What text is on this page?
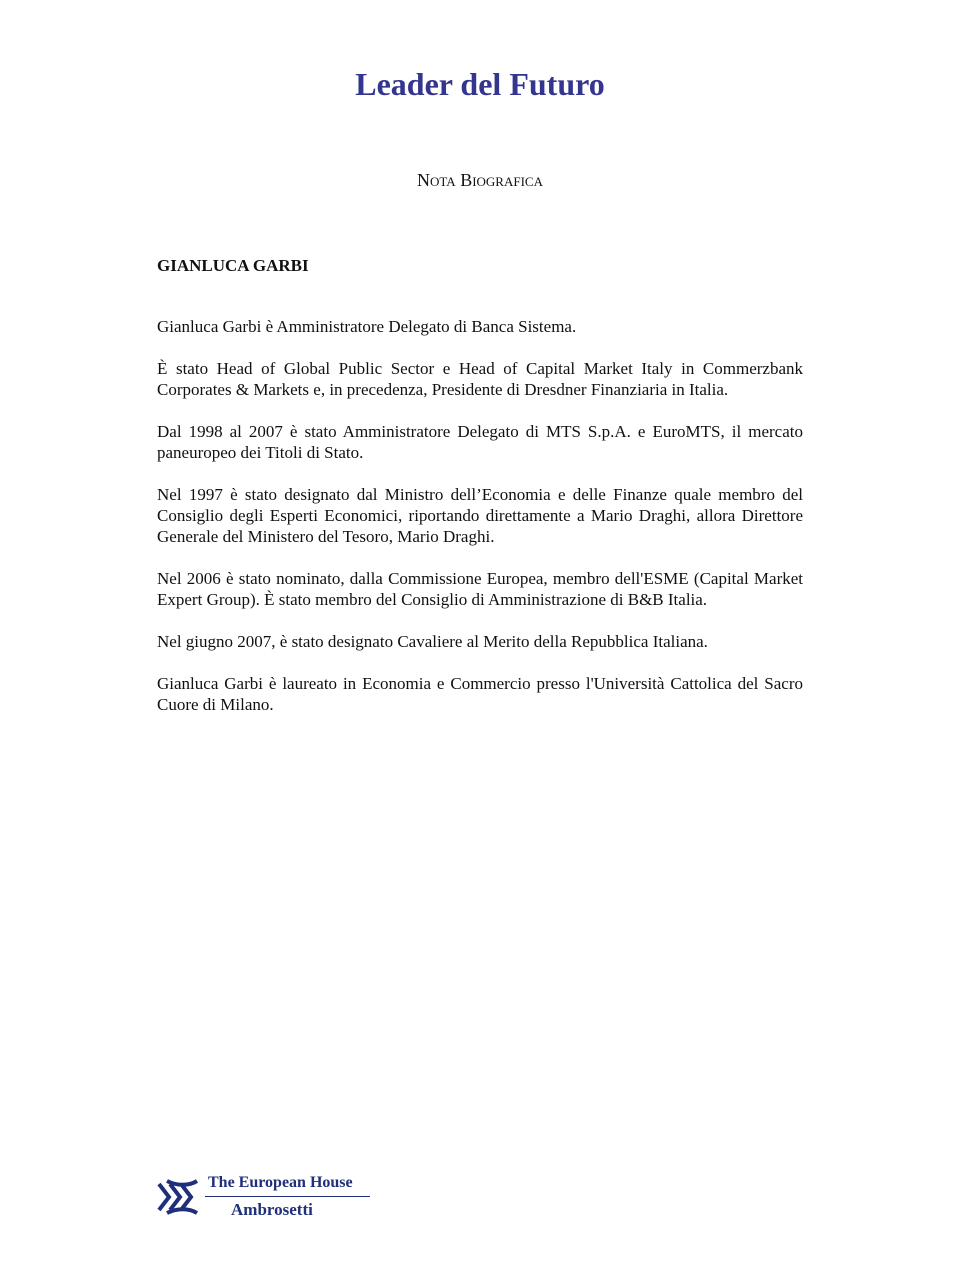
Leader del Futuro
Nota Biografica
GIANLUCA GARBI

Gianluca Garbi è Amministratore Delegato di Banca Sistema.

È stato Head of Global Public Sector e Head of Capital Market Italy in Commerzbank Corporates & Markets e, in precedenza, Presidente di Dresdner Finanziaria in Italia.

Dal 1998 al 2007 è stato Amministratore Delegato di MTS S.p.A. e EuroMTS, il mercato paneuropeo dei Titoli di Stato.

Nel 1997 è stato designato dal Ministro dell’Economia e delle Finanze quale membro del Consiglio degli Esperti Economici, riportando direttamente a Mario Draghi, allora Direttore Generale del Ministero del Tesoro, Mario Draghi.

Nel 2006 è stato nominato, dalla Commissione Europea, membro dell'ESME (Capital Market Expert Group). È stato membro del Consiglio di Amministrazione di B&B Italia.

Nel giugno 2007, è stato designato Cavaliere al Merito della Repubblica Italiana.

Gianluca Garbi è laureato in Economia e Commercio presso l'Università Cattolica del Sacro Cuore di Milano.

The European House
Ambrosetti
